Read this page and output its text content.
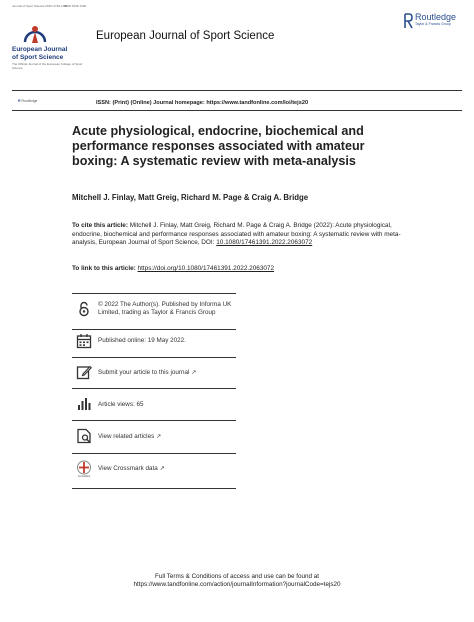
Journal of Sport Science ISSN 1746-1391
ISSN 1536-7290
European Journal
of Sport Science
The Official Journal of the European College of Sport Science
European Journal of Sport Science
Routledge
Taylor & Francis Group
R Routledge	ISSN: (Print) (Online) Journal homepage: https://www.tandfonline.com/loi/tejs20
Acute physiological, endocrine, biochemical and performance responses associated with amateur boxing: A systematic review with meta-analysis
Mitchell J. Finlay, Matt Greig, Richard M. Page & Craig A. Bridge
To cite this article: Mitchell J. Finlay, Matt Greig, Richard M. Page & Craig A. Bridge (2022): Acute physiological, endocrine, biochemical and performance responses associated with amateur boxing: A systematic review with meta-analysis, European Journal of Sport Science, DOI: 10.1080/17461391.2022.2063072
To link to this article: https://doi.org/10.1080/17461391.2022.2063072
© 2022 The Author(s). Published by Informa UK Limited, trading as Taylor & Francis Group
Published online: 19 May 2022.
Submit your article to this journal ↗
Article views: 65
View related articles ↗
CrossMark
View Crossmark data ↗
Full Terms & Conditions of access and use can be found at
https://www.tandfonline.com/action/journalInformation?journalCode=tejs20
